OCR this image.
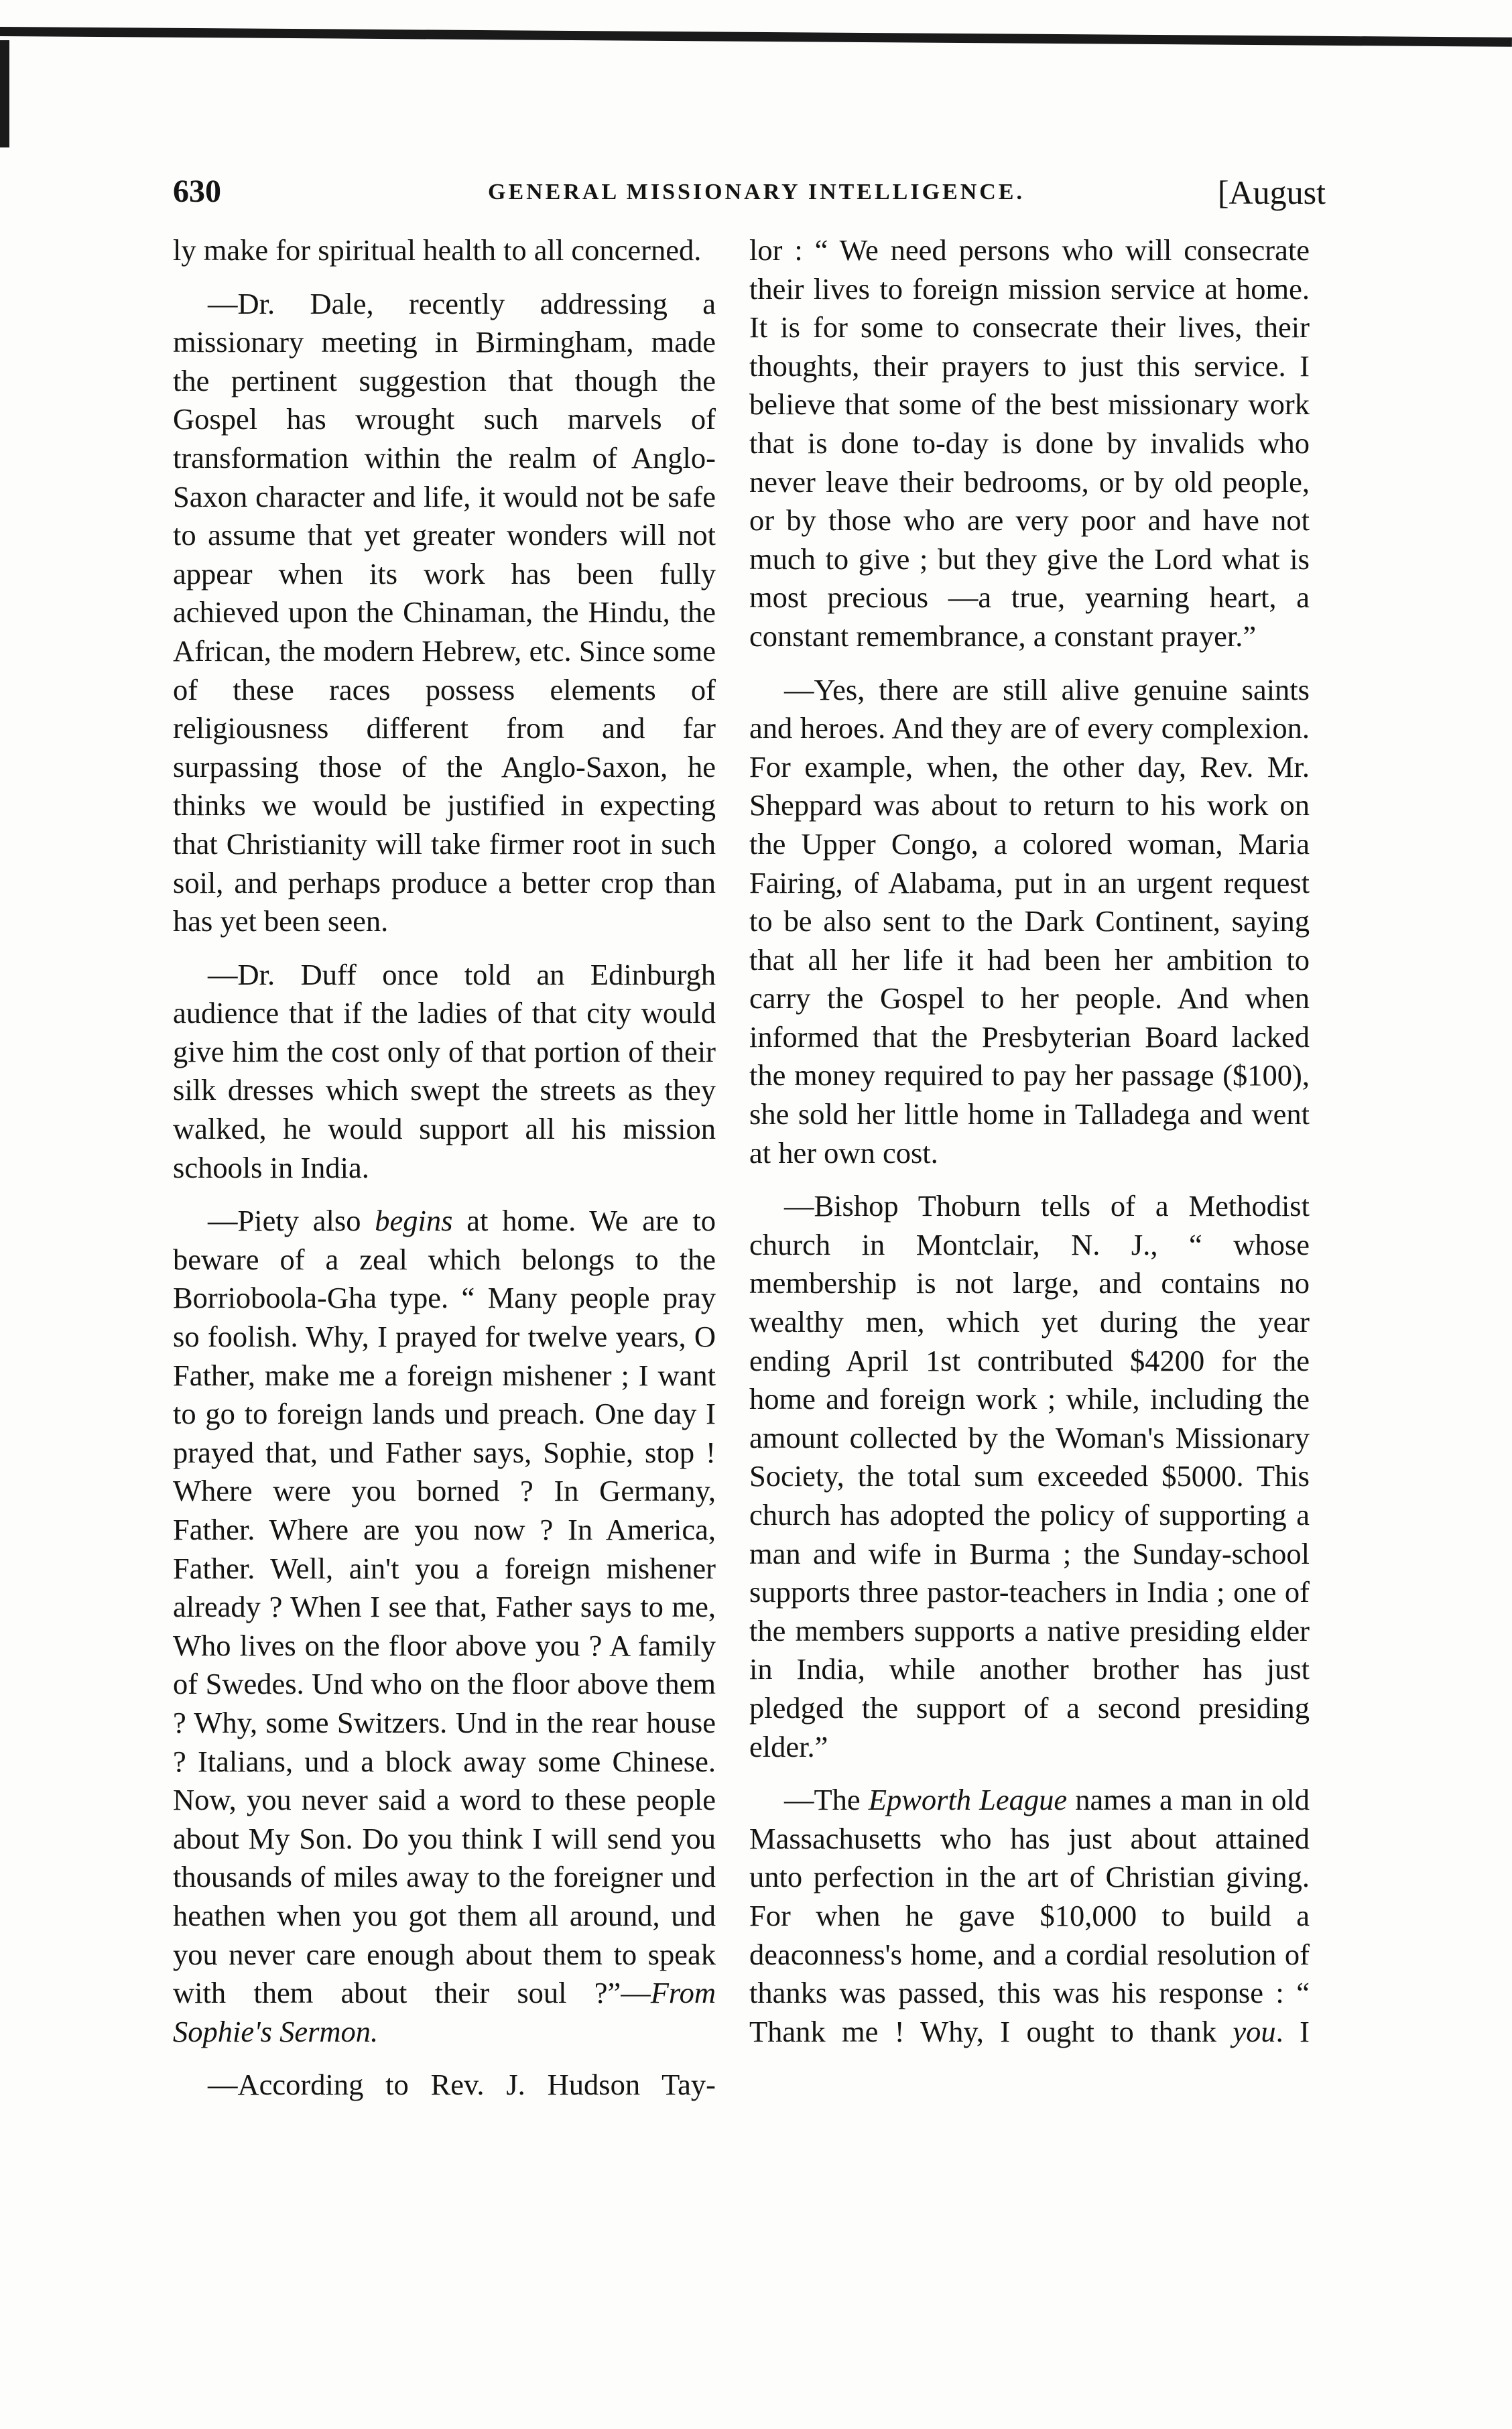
630	GENERAL MISSIONARY INTELLIGENCE.	[August

ly make for spiritual health to all concerned.

—Dr. Dale, recently addressing a missionary meeting in Birmingham, made the pertinent suggestion that though the Gospel has wrought such marvels of transformation within the realm of Anglo-Saxon character and life, it would not be safe to assume that yet greater wonders will not appear when its work has been fully achieved upon the Chinaman, the Hindu, the African, the modern Hebrew, etc. Since some of these races possess elements of religiousness different from and far surpassing those of the Anglo-Saxon, he thinks we would be justified in expecting that Christianity will take firmer root in such soil, and perhaps produce a better crop than has yet been seen.

—Dr. Duff once told an Edinburgh audience that if the ladies of that city would give him the cost only of that portion of their silk dresses which swept the streets as they walked, he would support all his mission schools in India.

—Piety also begins at home. We are to beware of a zeal which belongs to the Borrioboola-Gha type. “ Many people pray so foolish. Why, I prayed for twelve years, O Father, make me a foreign mishener ; I want to go to foreign lands und preach. One day I prayed that, und Father says, Sophie, stop ! Where were you borned ? In Germany, Father. Where are you now ? In America, Father. Well, ain't you a foreign mishener already ? When I see that, Father says to me, Who lives on the floor above you ? A family of Swedes. Und who on the floor above them ? Why, some Switzers. Und in the rear house ? Italians, und a block away some Chinese. Now, you never said a word to these people about My Son. Do you think I will send you thousands of miles away to the foreigner und heathen when you got them all around, und you never care enough about them to speak with them about their soul ?”—From Sophie's Sermon.

—According to Rev. J. Hudson Tay-

lor : “ We need persons who will consecrate their lives to foreign mission service at home. It is for some to consecrate their lives, their thoughts, their prayers to just this service. I believe that some of the best missionary work that is done to-day is done by invalids who never leave their bedrooms, or by old people, or by those who are very poor and have not much to give ; but they give the Lord what is most precious —a true, yearning heart, a constant remembrance, a constant prayer.”

—Yes, there are still alive genuine saints and heroes. And they are of every complexion. For example, when, the other day, Rev. Mr. Sheppard was about to return to his work on the Upper Congo, a colored woman, Maria Fairing, of Alabama, put in an urgent request to be also sent to the Dark Continent, saying that all her life it had been her ambition to carry the Gospel to her people. And when informed that the Presbyterian Board lacked the money required to pay her passage ($100), she sold her little home in Talladega and went at her own cost.

—Bishop Thoburn tells of a Methodist church in Montclair, N. J., “ whose membership is not large, and contains no wealthy men, which yet during the year ending April 1st contributed $4200 for the home and foreign work ; while, including the amount collected by the Woman's Missionary Society, the total sum exceeded $5000. This church has adopted the policy of supporting a man and wife in Burma ; the Sunday-school supports three pastor-teachers in India ; one of the members supports a native presiding elder in India, while another brother has just pledged the support of a second presiding elder.”

—The Epworth League names a man in old Massachusetts who has just about attained unto perfection in the art of Christian giving. For when he gave $10,000 to build a deaconness's home, and a cordial resolution of thanks was passed, this was his response : “ Thank me ! Why, I ought to thank you. I
